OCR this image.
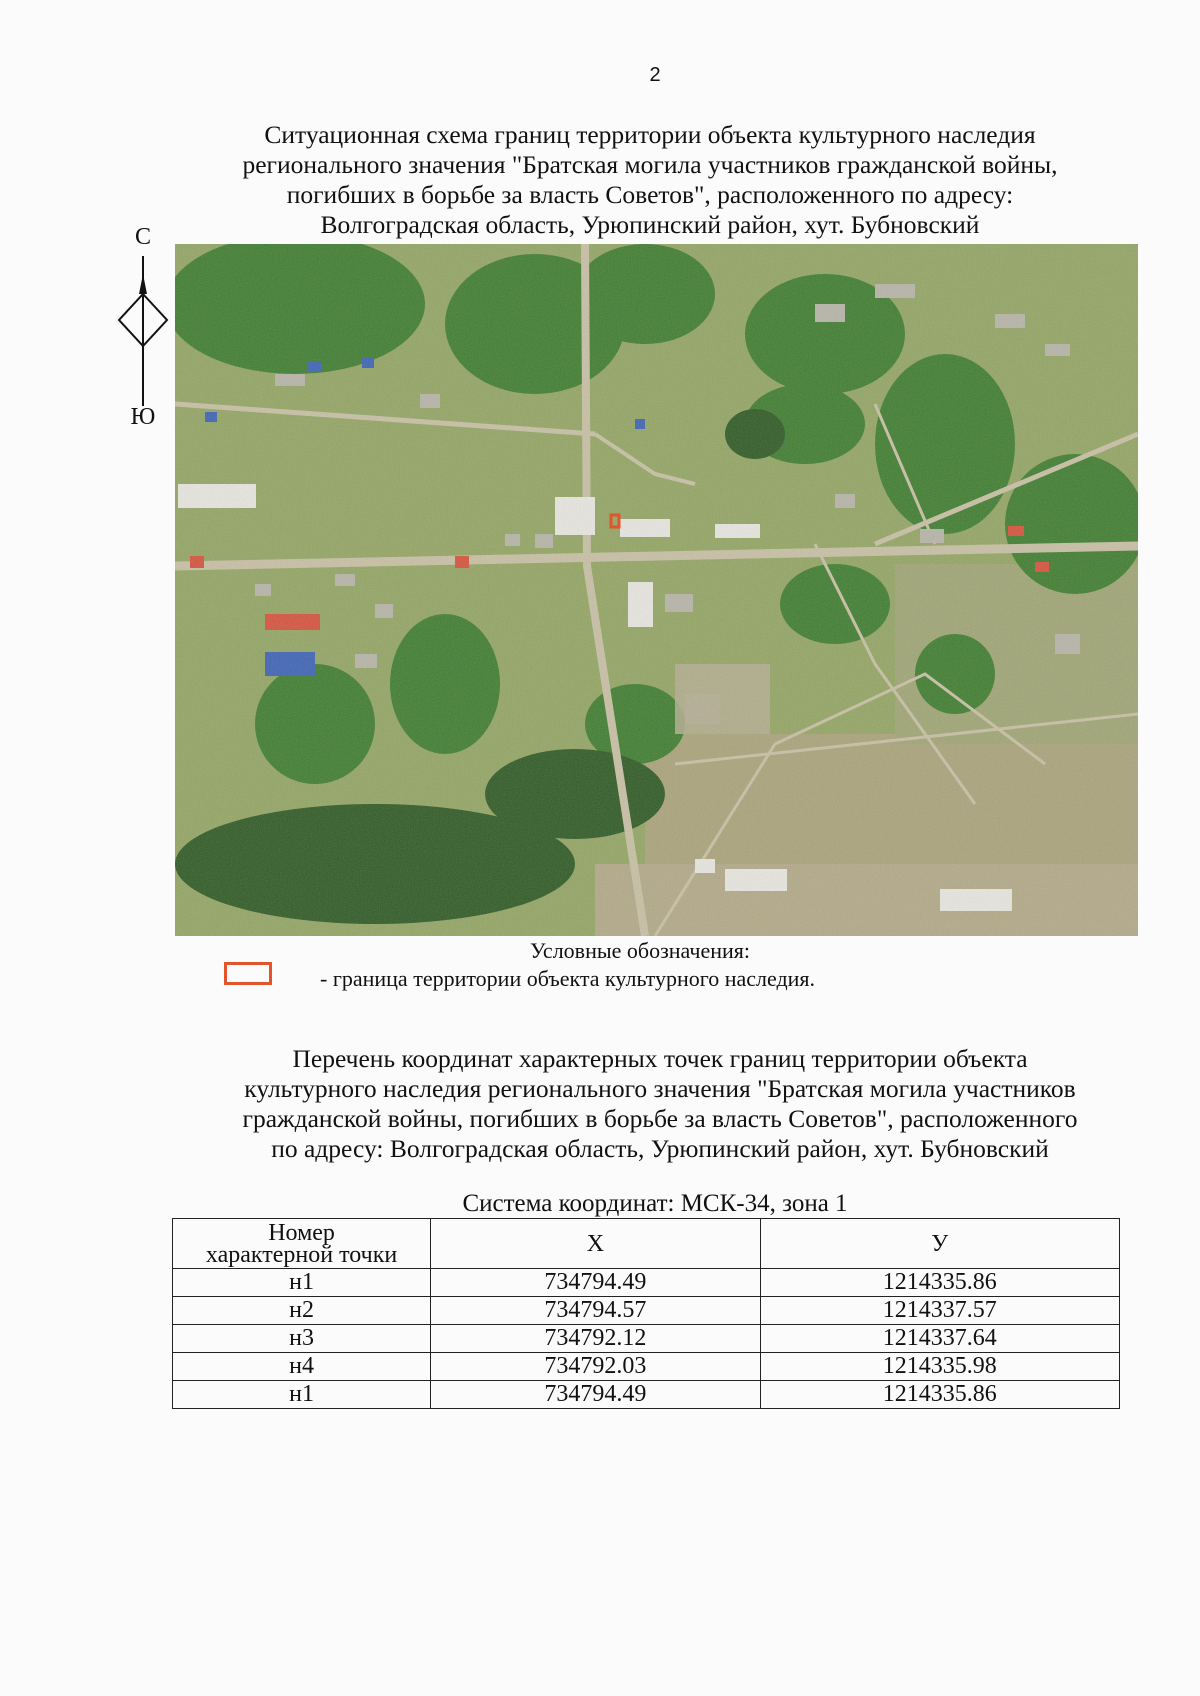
2
Ситуационная схема границ территории объекта культурного наследия
регионального значения "Братская могила участников гражданской войны,
погибших в борьбе за власть Советов", расположенного по адресу:
Волгоградская область, Урюпинский район, хут. Бубновский
С
Ю
Условные обозначения:
- граница территории объекта культурного наследия.
Перечень координат характерных точек границ территории объекта
культурного наследия регионального значения "Братская могила участников
гражданской войны, погибших в борьбе за власть Советов", расположенного
по адресу: Волгоградская область, Урюпинский район, хут. Бубновский
Система координат: МСК-34, зона 1
Номер
характерной точки	X	У
н1	734794.49	1214335.86
н2	734794.57	1214337.57
н3	734792.12	1214337.64
н4	734792.03	1214335.98
н1	734794.49	1214335.86
